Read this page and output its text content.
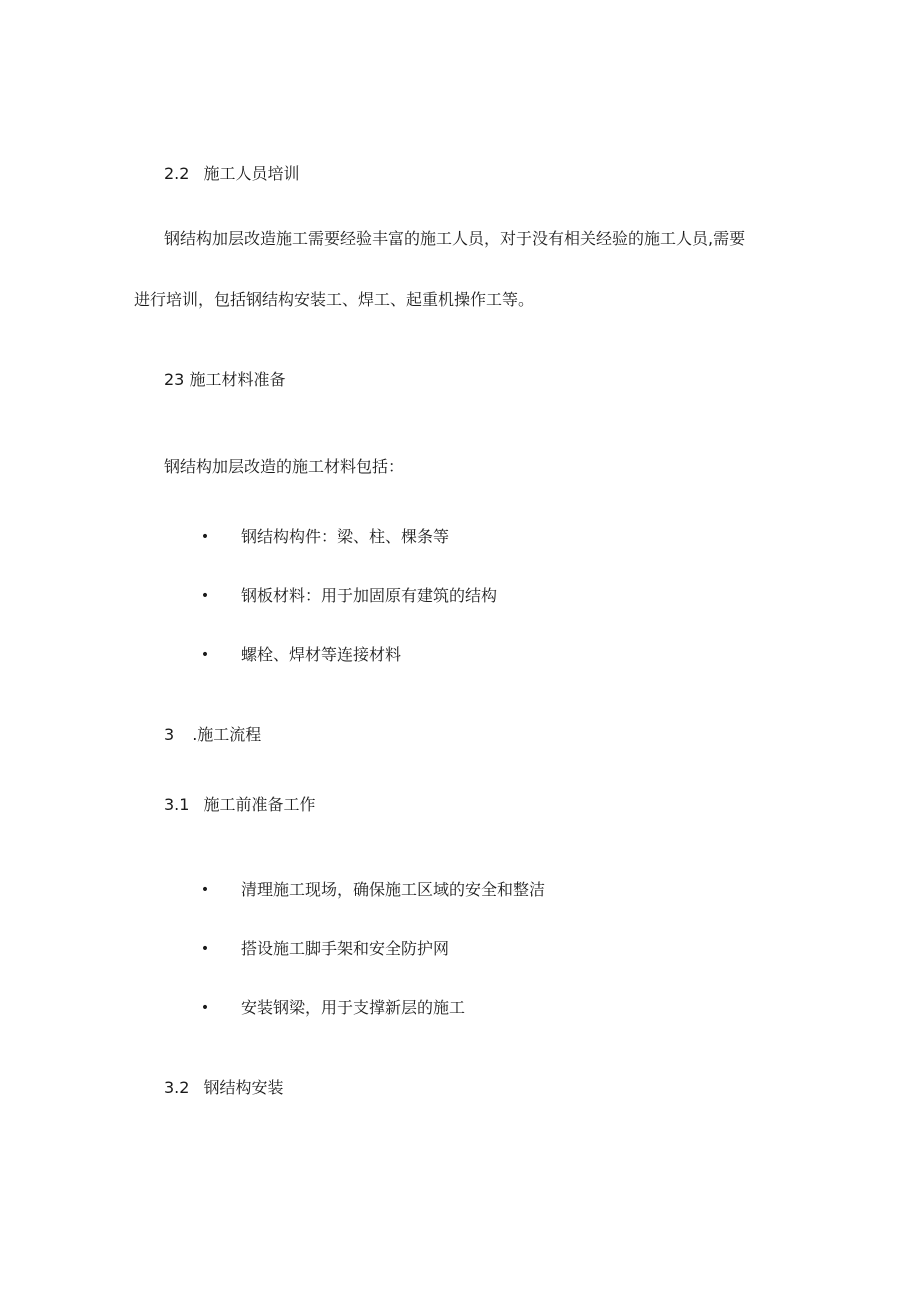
2.2 施工人员培训
钢结构加层改造施工需要经验丰富的施工人员，对于没有相关经验的施工人员,需要
进行培训，包括钢结构安装工、焊工、起重机操作工等。
23 施工材料准备
钢结构加层改造的施工材料包括：
• 钢结构构件：梁、柱、棵条等
• 钢板材料：用于加固原有建筑的结构
• 螺栓、焊材等连接材料
3 .施工流程
3.1 施工前准备工作
• 清理施工现场，确保施工区域的安全和整洁
• 搭设施工脚手架和安全防护网
• 安装钢梁，用于支撑新层的施工
3.2 钢结构安装
